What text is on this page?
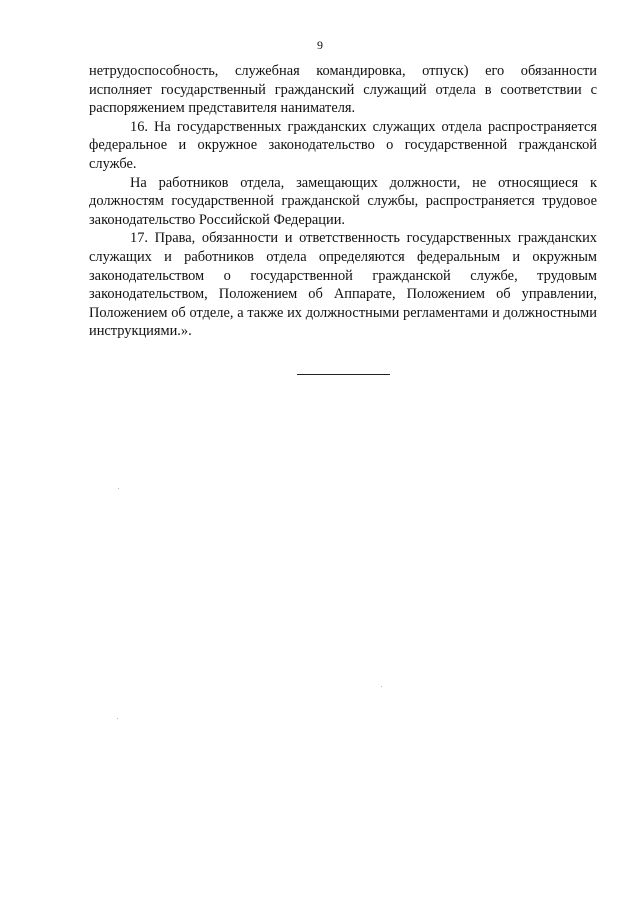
9

нетрудоспособность, служебная командировка, отпуск) его обязанности исполняет государственный гражданский служащий отдела в соответствии с распоряжением представителя нанимателя.

16. На государственных гражданских служащих отдела распространяется федеральное и окружное законодательство о государственной гражданской службе.

На работников отдела, замещающих должности, не относящиеся к должностям государственной гражданской службы, распространяется трудовое законодательство Российской Федерации.

17. Права, обязанности и ответственность государственных гражданских служащих и работников отдела определяются федеральным и окружным законодательством о государственной гражданской службе, трудовым законодательством, Положением об Аппарате, Положением об управлении, Положением об отделе, а также их должностными регламентами и должностными инструкциями.».
